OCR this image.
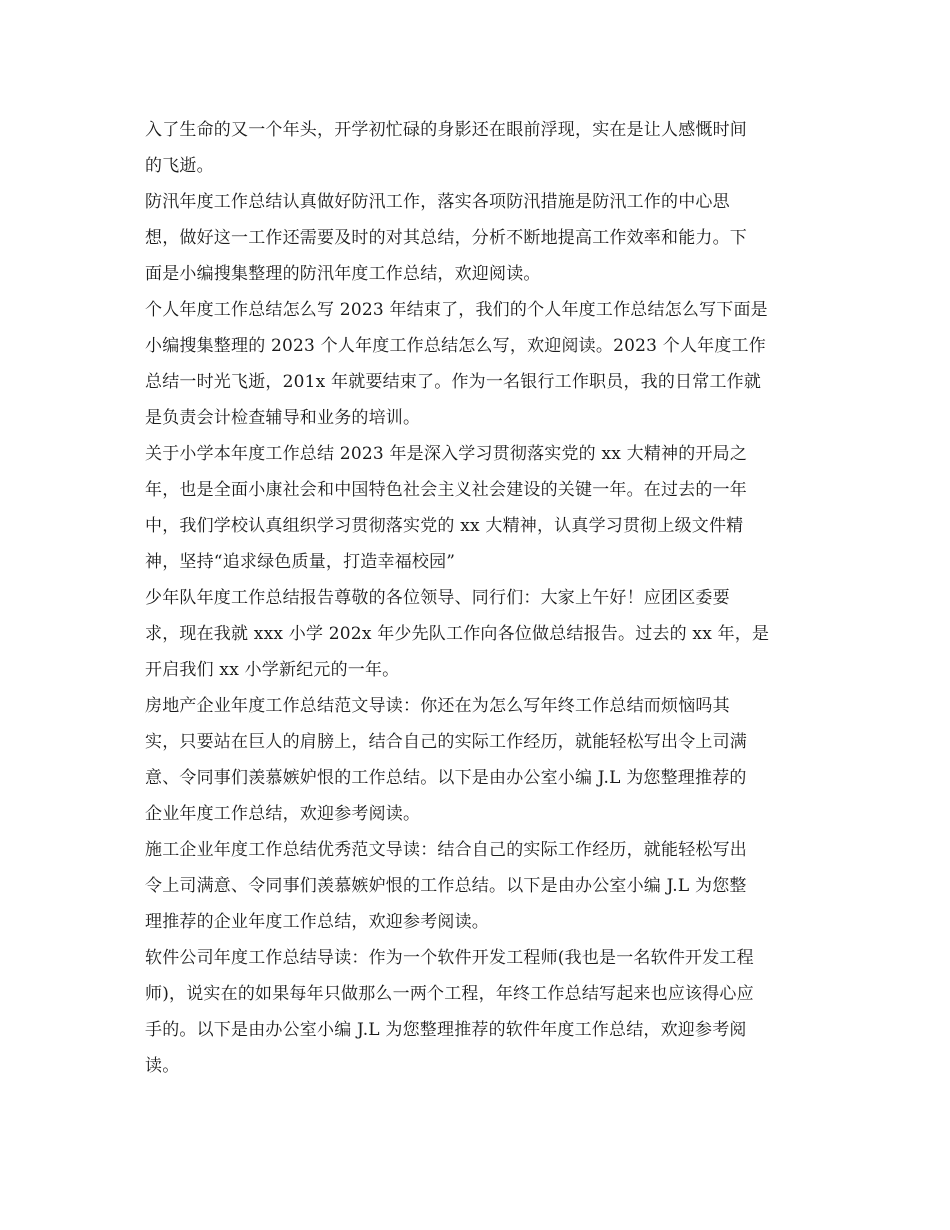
入了生命的又一个年头，开学初忙碌的身影还在眼前浮现，实在是让人感慨时间
的飞逝。
防汛年度工作总结认真做好防汛工作，落实各项防汛措施是防汛工作的中心思
想，做好这一工作还需要及时的对其总结，分析不断地提高工作效率和能力。下
面是小编搜集整理的防汛年度工作总结，欢迎阅读。
个人年度工作总结怎么写 2023 年结束了，我们的个人年度工作总结怎么写下面是
小编搜集整理的 2023 个人年度工作总结怎么写，欢迎阅读。2023 个人年度工作
总结一时光飞逝，201x 年就要结束了。作为一名银行工作职员，我的日常工作就
是负责会计检查辅导和业务的培训。
关于小学本年度工作总结 2023 年是深入学习贯彻落实党的 xx 大精神的开局之
年，也是全面小康社会和中国特色社会主义社会建设的关键一年。在过去的一年
中，我们学校认真组织学习贯彻落实党的 xx 大精神，认真学习贯彻上级文件精
神，坚持“追求绿色质量，打造幸福校园”
少年队年度工作总结报告尊敬的各位领导、同行们：大家上午好！应团区委要
求，现在我就 xxx 小学 202x 年少先队工作向各位做总结报告。过去的 xx 年，是
开启我们 xx 小学新纪元的一年。
房地产企业年度工作总结范文导读：你还在为怎么写年终工作总结而烦恼吗其
实，只要站在巨人的肩膀上，结合自己的实际工作经历，就能轻松写出令上司满
意、令同事们羡慕嫉妒恨的工作总结。以下是由办公室小编 J.L 为您整理推荐的
企业年度工作总结，欢迎参考阅读。
施工企业年度工作总结优秀范文导读：结合自己的实际工作经历，就能轻松写出
令上司满意、令同事们羡慕嫉妒恨的工作总结。以下是由办公室小编 J.L 为您整
理推荐的企业年度工作总结，欢迎参考阅读。
软件公司年度工作总结导读：作为一个软件开发工程师(我也是一名软件开发工程
师)，说实在的如果每年只做那么一两个工程，年终工作总结写起来也应该得心应
手的。以下是由办公室小编 J.L 为您整理推荐的软件年度工作总结，欢迎参考阅
读。
